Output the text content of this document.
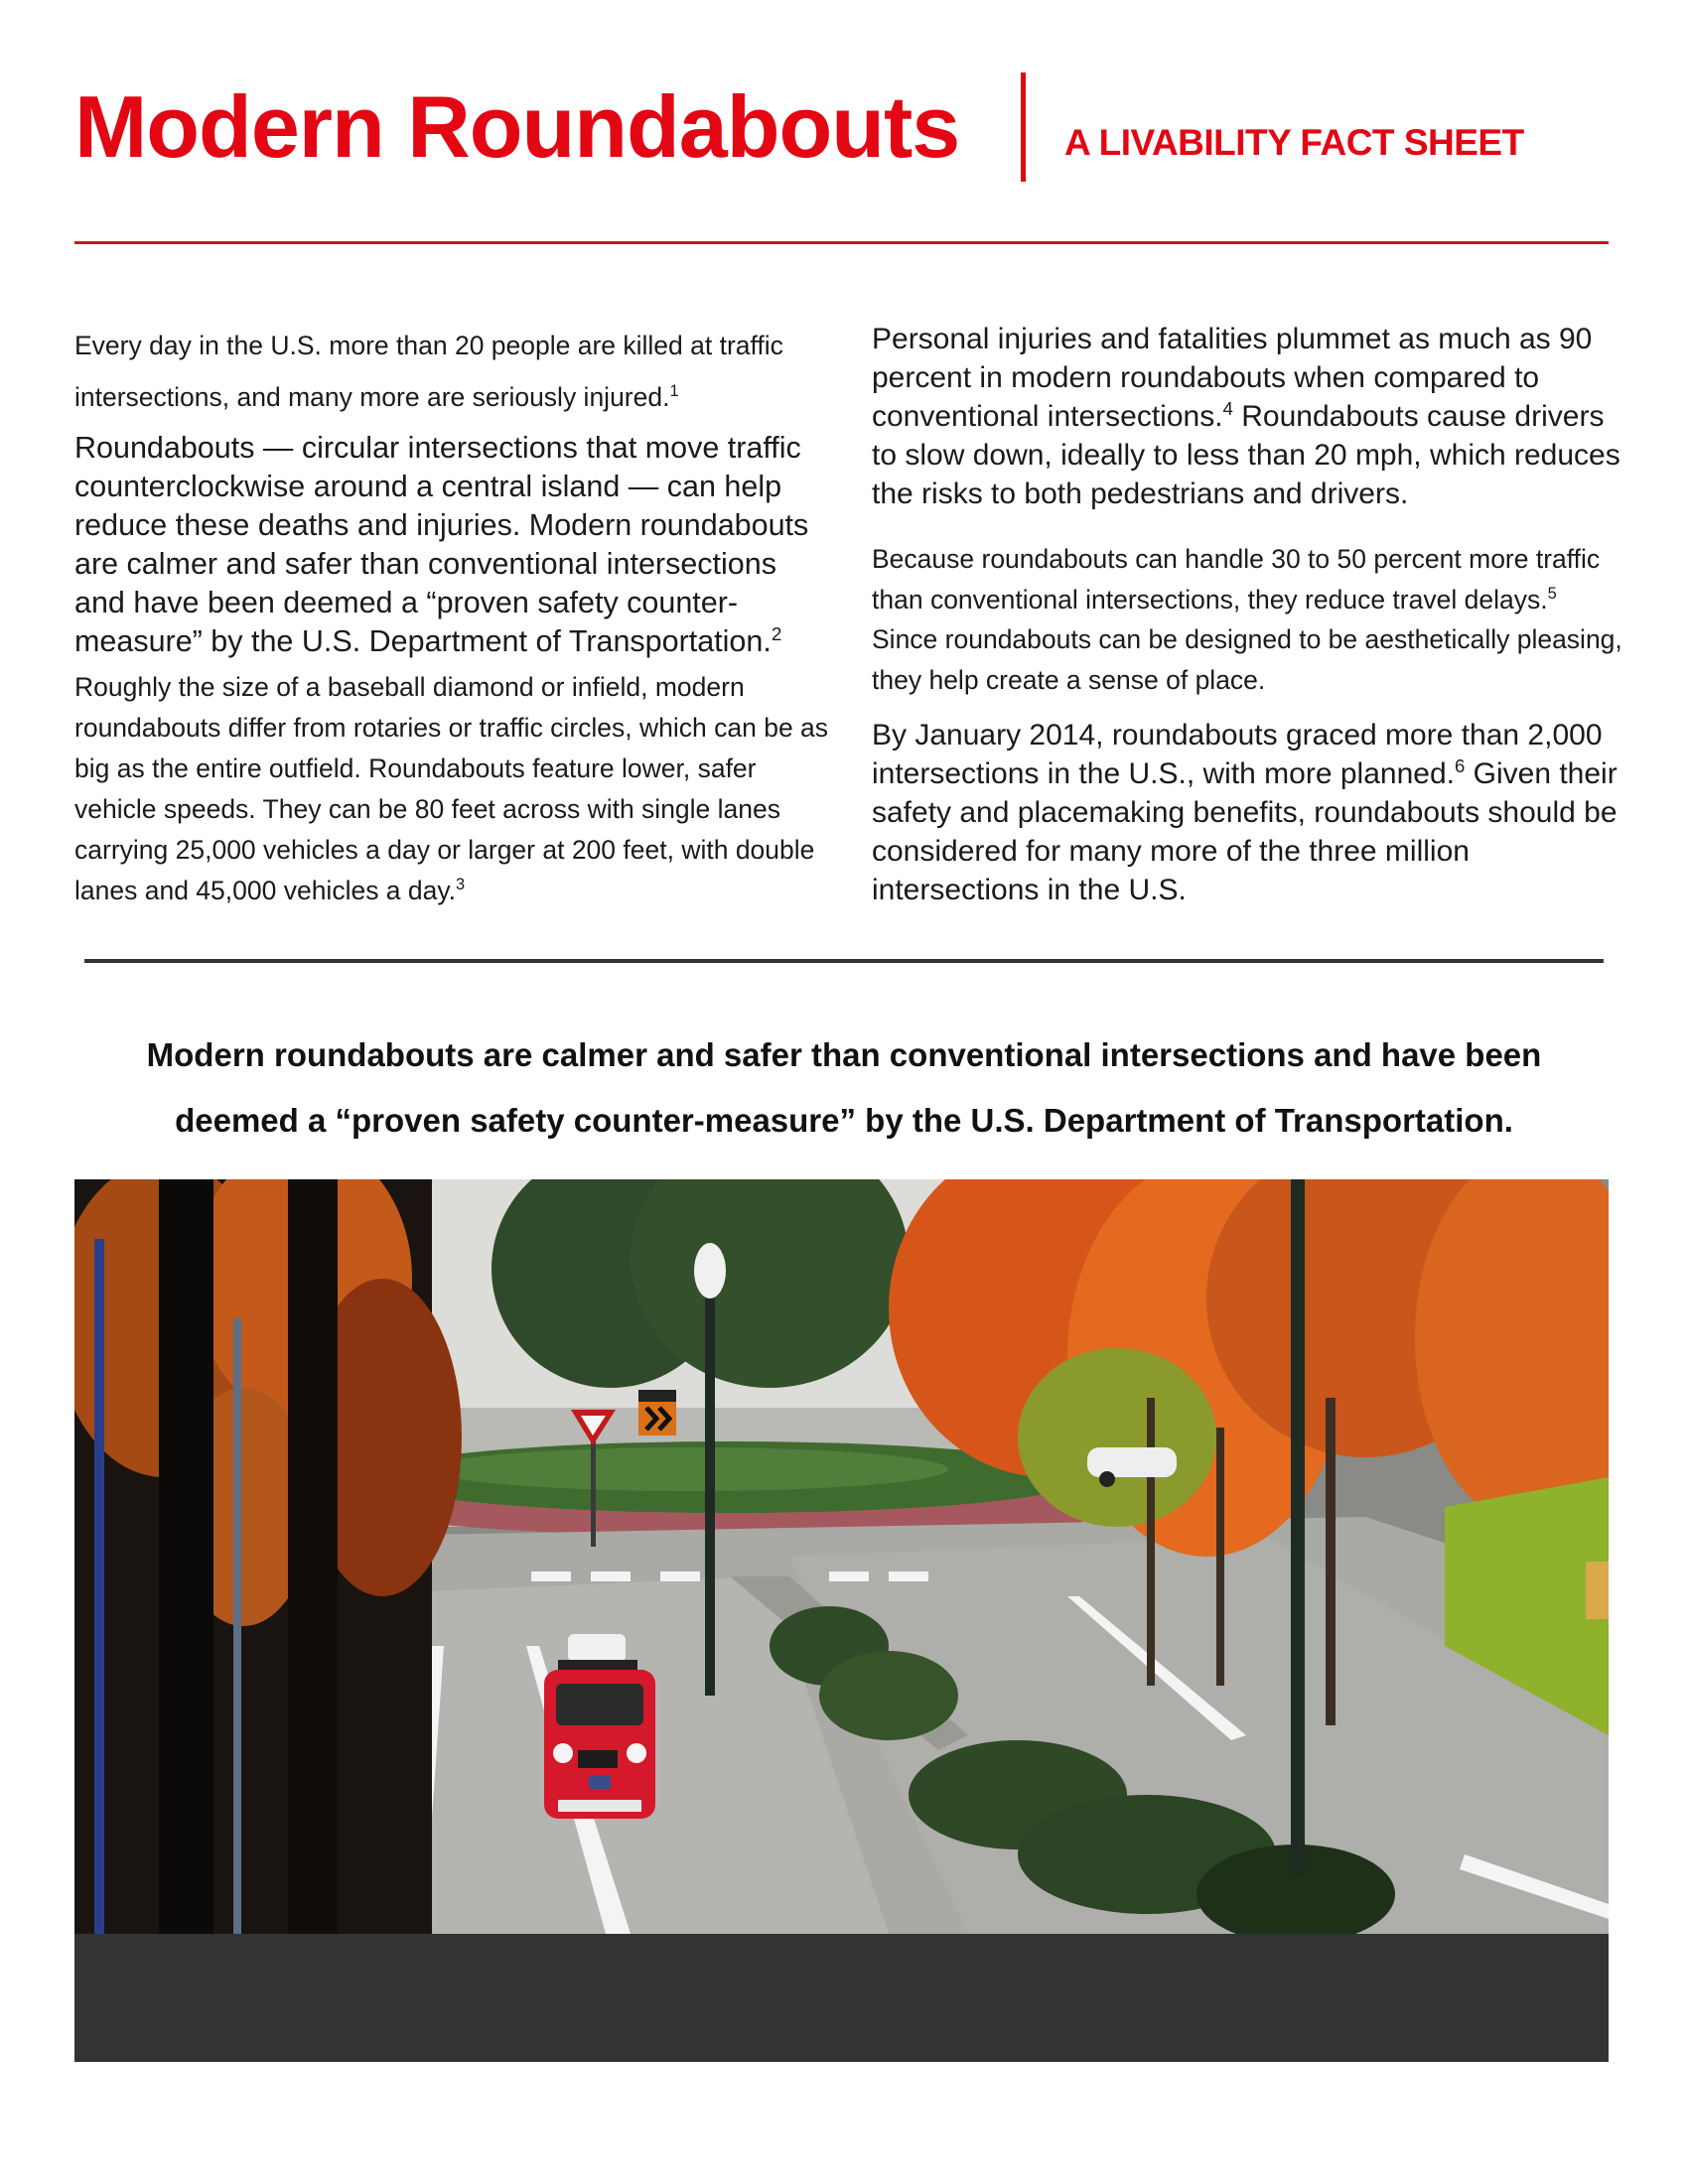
Modern Roundabouts	A LIVABILITY FACT SHEET

Every day in the U.S. more than 20 people are killed at traffic intersections, and many more are seriously injured.$^1$

Roundabouts — circular intersections that move traffic counterclockwise around a central island — can help reduce these deaths and injuries. Modern roundabouts are calmer and safer than conventional intersections and have been deemed a “proven safety counter-measure” by the U.S. Department of Transportation.$^2$

Roughly the size of a baseball diamond or infield, modern roundabouts differ from rotaries or traffic circles, which can be as big as the entire outfield. Roundabouts feature lower, safer vehicle speeds. They can be 80 feet across with single lanes carrying 25,000 vehicles a day or larger at 200 feet, with double lanes and 45,000 vehicles a day.$^3$

Personal injuries and fatalities plummet as much as 90 percent in modern roundabouts when compared to conventional intersections.$^4$ Roundabouts cause drivers to slow down, ideally to less than 20 mph, which reduces the risks to both pedestrians and drivers.

Because roundabouts can handle 30 to 50 percent more traffic than conventional intersections, they reduce travel delays.$^5$ Since roundabouts can be designed to be aesthetically pleasing, they help create a sense of place.

By January 2014, roundabouts graced more than 2,000 intersections in the U.S., with more planned.$^6$ Given their safety and placemaking benefits, roundabouts should be considered for many more of the three million intersections in the U.S.

Modern roundabouts are calmer and safer than conventional intersections and have been
deemed a “proven safety counter-measure” by the U.S. Department of Transportation.
